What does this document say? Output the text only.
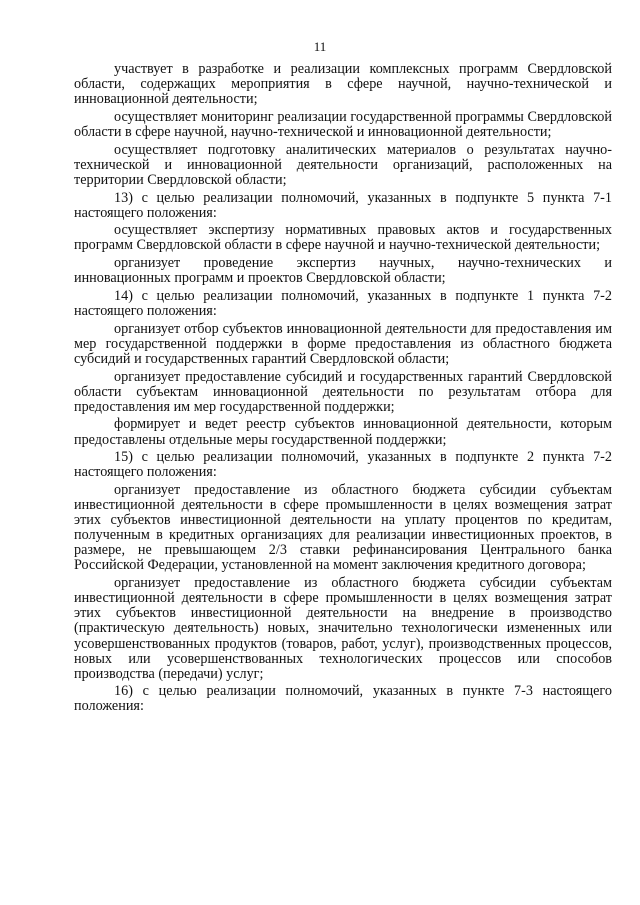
11

участвует в разработке и реализации комплексных программ Свердловской области, содержащих мероприятия в сфере научной, научно-технической и инновационной деятельности;

осуществляет мониторинг реализации государственной программы Свердловской области в сфере научной, научно-технической и инновационной деятельности;

осуществляет подготовку аналитических материалов о результатах научно-технической и инновационной деятельности организаций, расположенных на территории Свердловской области;

13) с целью реализации полномочий, указанных в подпункте 5 пункта 7-1 настоящего положения:

осуществляет экспертизу нормативных правовых актов и государственных программ Свердловской области в сфере научной и научно-технической деятельности;

организует проведение экспертиз научных, научно-технических и инновационных программ и проектов Свердловской области;

14) с целью реализации полномочий, указанных в подпункте 1 пункта 7-2 настоящего положения:

организует отбор субъектов инновационной деятельности для предоставления им мер государственной поддержки в форме предоставления из областного бюджета субсидий и государственных гарантий Свердловской области;

организует предоставление субсидий и государственных гарантий Свердловской области субъектам инновационной деятельности по результатам отбора для предоставления им мер государственной поддержки;

формирует и ведет реестр субъектов инновационной деятельности, которым предоставлены отдельные меры государственной поддержки;

15) с целью реализации полномочий, указанных в подпункте 2 пункта 7-2 настоящего положения:

организует предоставление из областного бюджета субсидии субъектам инвестиционной деятельности в сфере промышленности в целях возмещения затрат этих субъектов инвестиционной деятельности на уплату процентов по кредитам, полученным в кредитных организациях для реализации инвестиционных проектов, в размере, не превышающем 2/3 ставки рефинансирования Центрального банка Российской Федерации, установленной на момент заключения кредитного договора;

организует предоставление из областного бюджета субсидии субъектам инвестиционной деятельности в сфере промышленности в целях возмещения затрат этих субъектов инвестиционной деятельности на внедрение в производство (практическую деятельность) новых, значительно технологически измененных или усовершенствованных продуктов (товаров, работ, услуг), производственных процессов, новых или усовершенствованных технологических процессов или способов производства (передачи) услуг;

16) с целью реализации полномочий, указанных в пункте 7-3 настоящего положения:
